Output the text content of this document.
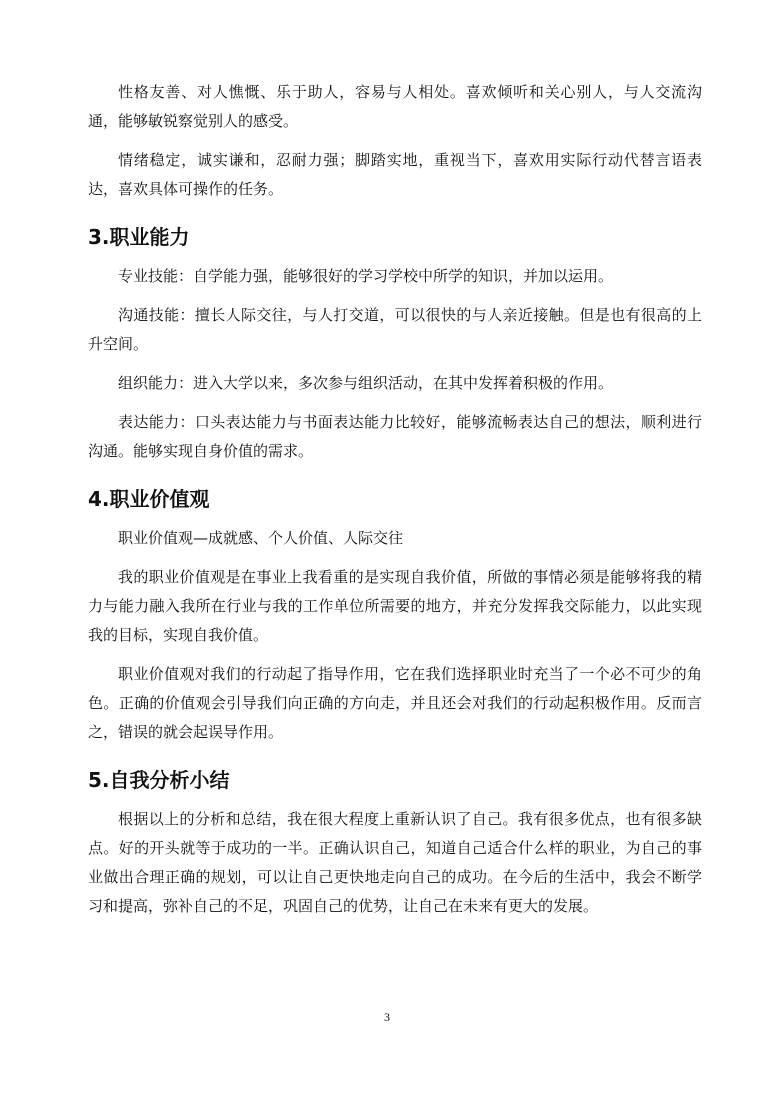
性格友善、对人憔慨、乐于助人，容易与人相处。喜欢倾听和关心别人，与人交流沟通，能够敏锐察觉别人的感受。

情绪稳定，诚实谦和，忍耐力强；脚踏实地，重视当下，喜欢用实际行动代替言语表达，喜欢具体可操作的任务。

3.职业能力

专业技能：自学能力强，能够很好的学习学校中所学的知识，并加以运用。

沟通技能：擅长人际交往，与人打交道，可以很快的与人亲近接触。但是也有很高的上升空间。

组织能力：进入大学以来，多次参与组织活动，在其中发挥着积极的作用。

表达能力：口头表达能力与书面表达能力比较好，能够流畅表达自己的想法，顺利进行沟通。能够实现自身价值的需求。

4.职业价值观

职业价值观—成就感、个人价值、人际交往

我的职业价值观是在事业上我看重的是实现自我价值，所做的事情必须是能够将我的精力与能力融入我所在行业与我的工作单位所需要的地方，并充分发挥我交际能力，以此实现我的目标，实现自我价值。

职业价值观对我们的行动起了指导作用，它在我们选择职业时充当了一个必不可少的角色。正确的价值观会引导我们向正确的方向走，并且还会对我们的行动起积极作用。反而言之，错误的就会起误导作用。

5.自我分析小结

根据以上的分析和总结，我在很大程度上重新认识了自己。我有很多优点，也有很多缺点。好的开头就等于成功的一半。正确认识自己，知道自己适合什么样的职业，为自己的事业做出合理正确的规划，可以让自己更快地走向自己的成功。在今后的生活中，我会不断学习和提高，弥补自己的不足，巩固自己的优势，让自己在未来有更大的发展。

3
